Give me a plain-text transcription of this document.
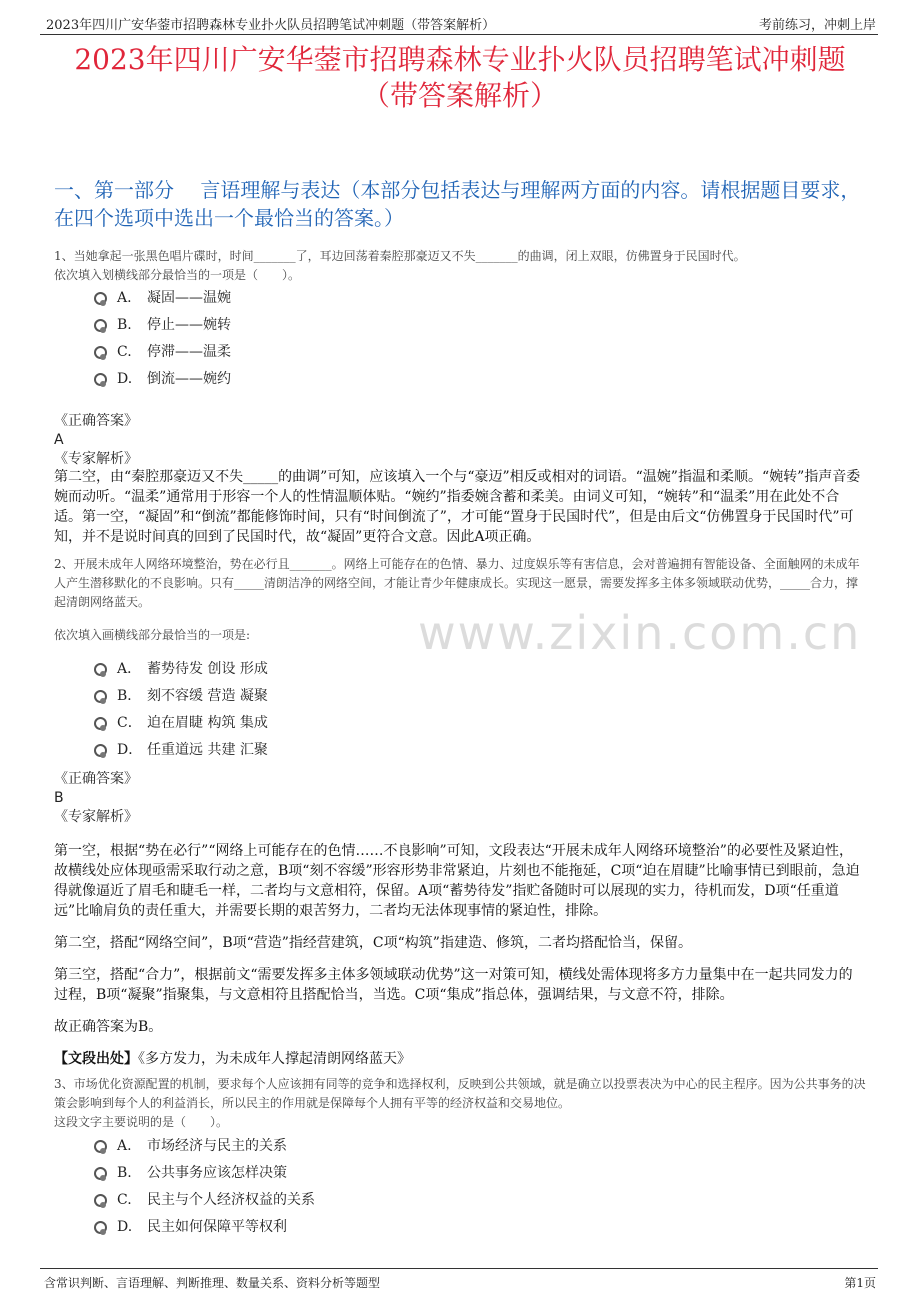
2023年四川广安华蓥市招聘森林专业扑火队员招聘笔试冲刺题（带答案解析）	考前练习，冲刺上岸
2023年四川广安华蓥市招聘森林专业扑火队员招聘笔试冲刺题
（带答案解析）
一、第一部分　 言语理解与表达（本部分包括表达与理解两方面的内容。请根据题目要求，在四个选项中选出一个最恰当的答案。）
www.zixin.com.cn
1、当她拿起一张黑色唱片碟时，时间_______了，耳边回荡着秦腔那豪迈又不失_______的曲调，闭上双眼，仿佛置身于民国时代。
依次填入划横线部分最恰当的一项是（　　）。
A.	凝固——温婉
B.	停止——婉转
C.	停滞——温柔
D.	倒流——婉约
《正确答案》
A
《专家解析》
第二空，由“秦腔那豪迈又不失_____的曲调”可知，应该填入一个与“豪迈”相反或相对的词语。“温婉”指温和柔顺。“婉转”指声音委婉而动听。“温柔”通常用于形容一个人的性情温顺体贴。“婉约”指委婉含蓄和柔美。由词义可知，“婉转”和“温柔”用在此处不合适。第一空，“凝固”和“倒流”都能修饰时间，只有“时间倒流了”，才可能“置身于民国时代”，但是由后文“仿佛置身于民国时代”可知，并不是说时间真的回到了民国时代，故“凝固”更符合文意。因此A项正确。
2、开展未成年人网络环境整治，势在必行且_______。网络上可能存在的色情、暴力、过度娱乐等有害信息，会对普遍拥有智能设备、全面触网的未成年人产生潜移默化的不良影响。只有_____清朗洁净的网络空间，才能让青少年健康成长。实现这一愿景，需要发挥多主体多领域联动优势，_____合力，撑起清朗网络蓝天。
依次填入画横线部分最恰当的一项是:
A． 蓄势待发 创设 形成
B． 刻不容缓 营造 凝聚
C． 迫在眉睫 构筑 集成
D． 任重道远 共建 汇聚
《正确答案》
B
《专家解析》

第一空，根据“势在必行”“网络上可能存在的色情……不良影响”可知，文段表达“开展未成年人网络环境整治”的必要性及紧迫性，故横线处应体现亟需采取行动之意，B项“刻不容缓”形容形势非常紧迫，片刻也不能拖延，C项“迫在眉睫”比喻事情已到眼前，急迫得就像逼近了眉毛和睫毛一样，二者均与文意相符，保留。A项“蓄势待发”指贮备随时可以展现的实力，待机而发，D项“任重道远”比喻肩负的责任重大，并需要长期的艰苦努力，二者均无法体现事情的紧迫性，排除。

第二空，搭配“网络空间”，B项“营造”指经营建筑，C项“构筑”指建造、修筑，二者均搭配恰当，保留。

第三空，搭配“合力”，根据前文“需要发挥多主体多领域联动优势”这一对策可知，横线处需体现将多方力量集中在一起共同发力的过程，B项“凝聚”指聚集，与文意相符且搭配恰当，当选。C项“集成”指总体，强调结果，与文意不符，排除。

故正确答案为B。

【文段出处】《多方发力，为未成年人撑起清朗网络蓝天》

3、市场优化资源配置的机制，要求每个人应该拥有同等的竞争和选择权利，反映到公共领域，就是确立以投票表决为中心的民主程序。因为公共事务的决策会影响到每个人的利益消长，所以民主的作用就是保障每个人拥有平等的经济权益和交易地位。
这段文字主要说明的是（　　）。
A.	市场经济与民主的关系
B.	公共事务应该怎样决策
C.	民主与个人经济权益的关系
D.	民主如何保障平等权利
含常识判断、言语理解、判断推理、数量关系、资料分析等题型	第1页
